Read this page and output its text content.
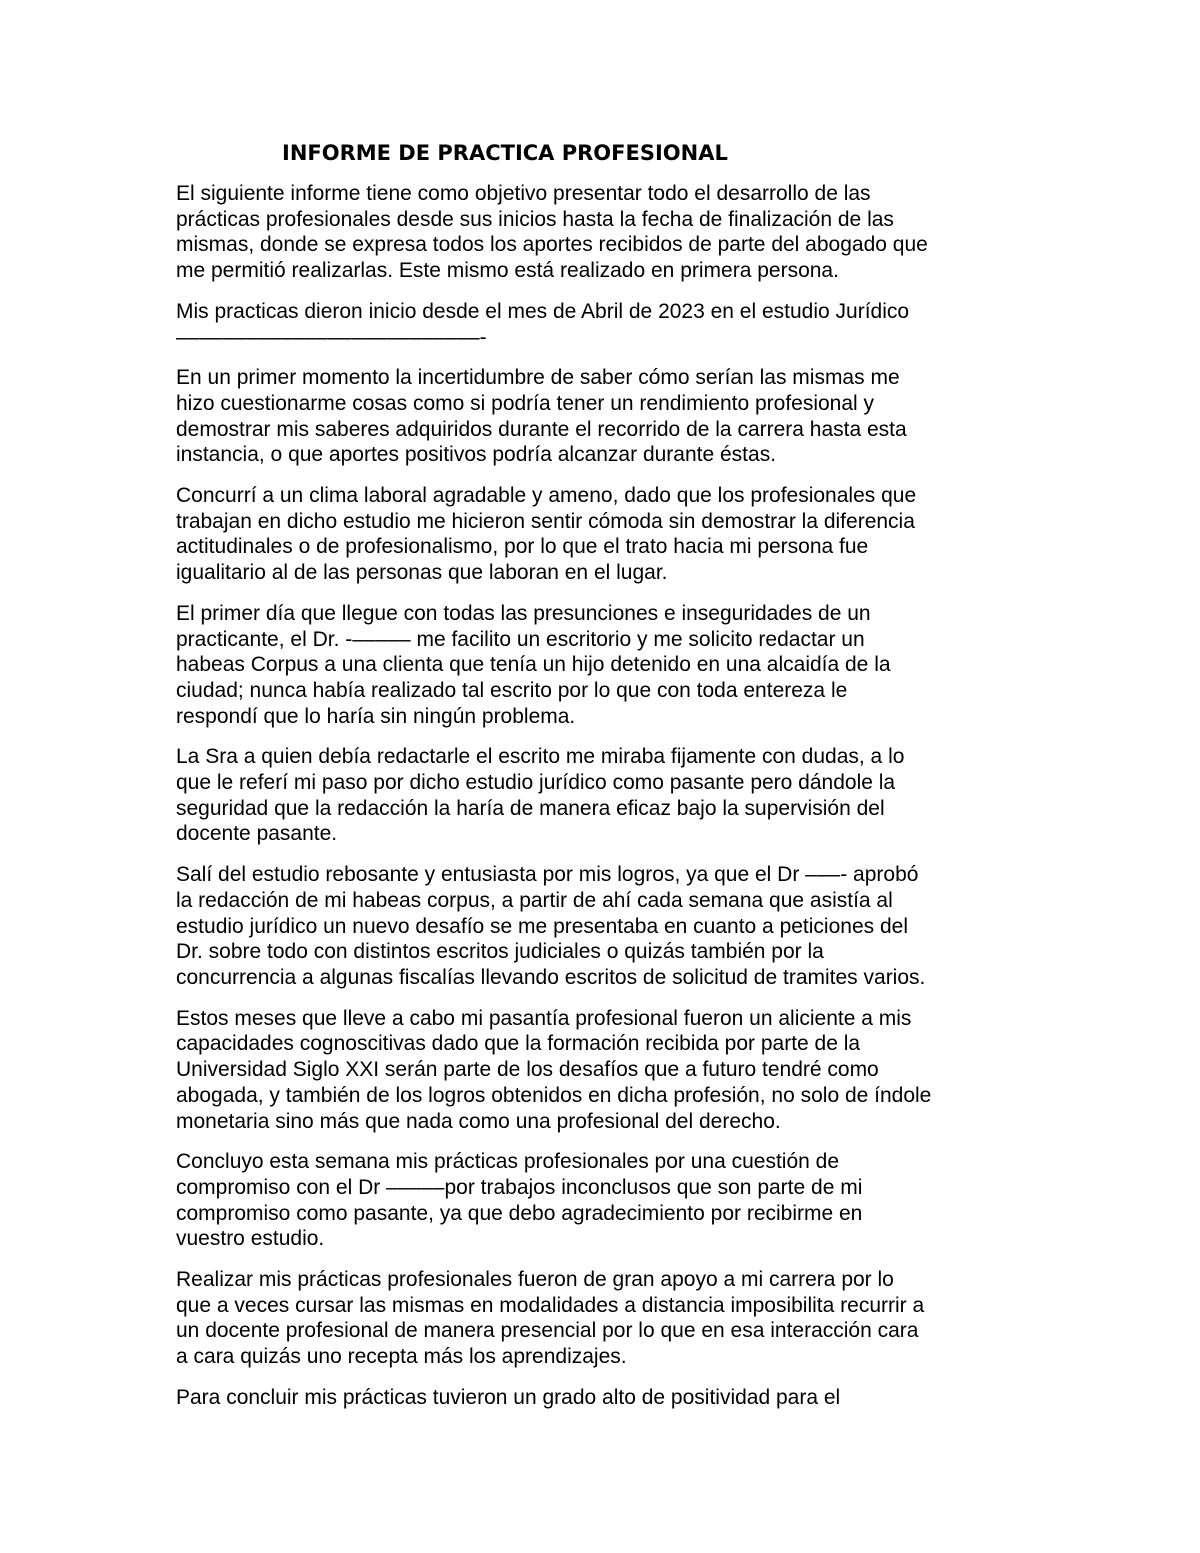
INFORME DE PRACTICA PROFESIONAL

El siguiente informe tiene como objetivo presentar todo el desarrollo de las
prácticas profesionales desde sus inicios hasta la fecha de finalización de las
mismas, donde se expresa todos los aportes recibidos de parte del abogado que
me permitió realizarlas. Este mismo está realizado en primera persona.

Mis practicas dieron inicio desde el mes de Abril de 2023 en el estudio Jurídico
––––––––––––––––––––––––––-

En un primer momento la incertidumbre de saber cómo serían las mismas me
hizo cuestionarme cosas como si podría tener un rendimiento profesional y
demostrar mis saberes adquiridos durante el recorrido de la carrera hasta esta
instancia, o que aportes positivos podría alcanzar durante éstas.

Concurrí a un clima laboral agradable y ameno, dado que los profesionales que
trabajan en dicho estudio me hicieron sentir cómoda sin demostrar la diferencia
actitudinales o de profesionalismo, por lo que el trato hacia mi persona fue
igualitario al de las personas que laboran en el lugar.

El primer día que llegue con todas las presunciones e inseguridades de un
practicante, el Dr. -––––– me facilito un escritorio y me solicito redactar un
habeas Corpus a una clienta que tenía un hijo detenido en una alcaidía de la
ciudad; nunca había realizado tal escrito por lo que con toda entereza le
respondí que lo haría sin ningún problema.

La Sra a quien debía redactarle el escrito me miraba fijamente con dudas, a lo
que le referí mi paso por dicho estudio jurídico como pasante pero dándole la
seguridad que la redacción la haría de manera eficaz bajo la supervisión del
docente pasante.

Salí del estudio rebosante y entusiasta por mis logros, ya que el Dr –––- aprobó
la redacción de mi habeas corpus, a partir de ahí cada semana que asistía al
estudio jurídico un nuevo desafío se me presentaba en cuanto a peticiones del
Dr. sobre todo con distintos escritos judiciales o quizás también por la
concurrencia a algunas fiscalías llevando escritos de solicitud de tramites varios.

Estos meses que lleve a cabo mi pasantía profesional fueron un aliciente a mis
capacidades cognoscitivas dado que la formación recibida por parte de la
Universidad Siglo XXI serán parte de los desafíos que a futuro tendré como
abogada, y también de los logros obtenidos en dicha profesión, no solo de índole
monetaria sino más que nada como una profesional del derecho.

Concluyo esta semana mis prácticas profesionales por una cuestión de
compromiso con el Dr –––––por trabajos inconclusos que son parte de mi
compromiso como pasante, ya que debo agradecimiento por recibirme en
vuestro estudio.

Realizar mis prácticas profesionales fueron de gran apoyo a mi carrera por lo
que a veces cursar las mismas en modalidades a distancia imposibilita recurrir a
un docente profesional de manera presencial por lo que en esa interacción cara
a cara quizás uno recepta más los aprendizajes.

Para concluir mis prácticas tuvieron un grado alto de positividad para el
